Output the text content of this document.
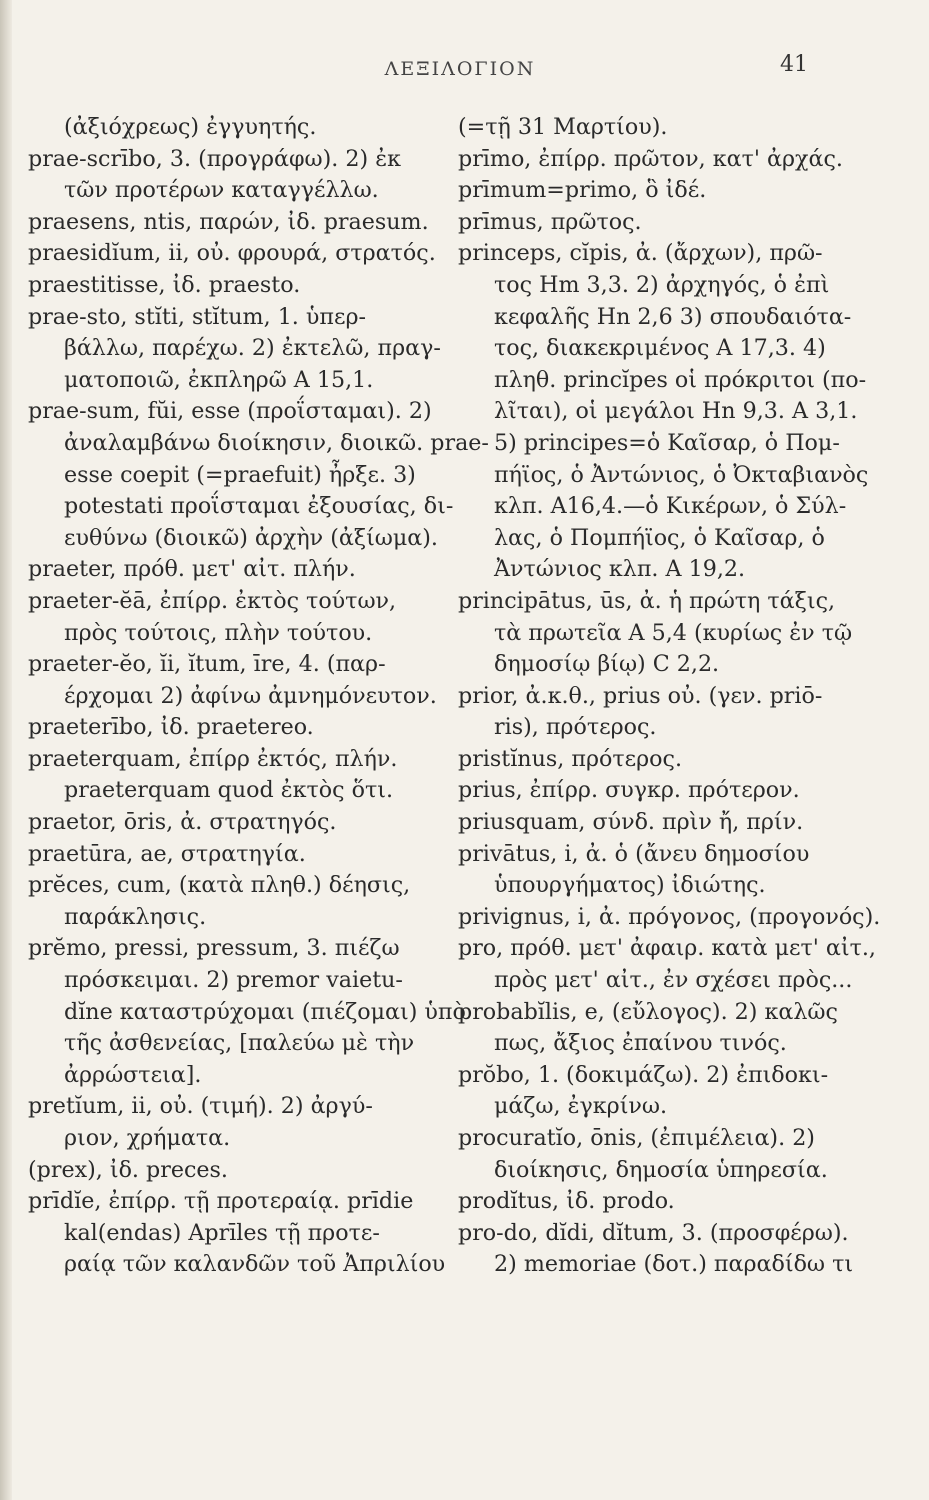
ΛΕΞΙΛΟΓΙΟΝ	41
(ἀξιόχρεως) ἐγγυητής.
prae-scrībo, 3. (προγράφω). 2) ἐκ
τῶν προτέρων καταγγέλλω.
praesens, ntis, παρών, ἰδ. praesum.
praesidĭum, ii, οὐ. φρουρά, στρατός.
praestitisse, ἰδ. praesto.
prae-sto, stĭti, stĭtum, 1. ὑπερ-
βάλλω, παρέχω. 2) ἐκτελῶ, πραγ-
ματοποιῶ, ἐκπληρῶ A 15,1.
prae-sum, fŭi, esse (προΐσταμαι). 2)
ἀναλαμβάνω διοίκησιν, διοικῶ. prae-
esse coepit (=praefuit) ἦρξε. 3)
potestati προΐσταμαι ἐξουσίας, δι-
ευθύνω (διοικῶ) ἀρχὴν (ἀξίωμα).
praeter, πρόθ. μετ' αἰτ. πλήν.
praeter-ĕā, ἐπίρρ. ἐκτὸς τούτων,
πρὸς τούτοις, πλὴν τούτου.
praeter-ĕo, ĭi, ĭtum, īre, 4. (παρ-
έρχομαι 2) ἀφίνω ἀμνημόνευτον.
praeterībo, ἰδ. praetereo.
praeterquam, ἐπίρρ ἐκτός, πλήν.
praeterquam quod ἐκτὸς ὅτι.
praetor, ōris, ἀ. στρατηγός.
praetūra, ae, στρατηγία.
prĕces, cum, (κατὰ πληθ.) δέησις,
παράκλησις.
prĕmo, pressi, pressum, 3. πιέζω
πρόσκειμαι. 2) premor vaietu-
dĭne καταστρύχομαι (πιέζομαι) ὑπὸ
τῆς ἀσθενείας, [παλεύω μὲ τὴν
ἀρρώστεια].
pretĭum, ii, οὐ. (τιμή). 2) ἀργύ-
ριον, χρήματα.
(prex), ἰδ. preces.
prīdĭe, ἐπίρρ. τῇ προτεραίᾳ. prīdie
kal(endas) Aprīles τῇ προτε-
ραίᾳ τῶν καλανδῶν τοῦ Ἀπριλίου
(=τῇ 31 Μαρτίου).
prīmo, ἐπίρρ. πρῶτον, κατ' ἀρχάς.
prīmum=primo, ὃ ἰδέ.
prīmus, πρῶτος.
princeps, cĭpis, ἀ. (ἄρχων), πρῶ-
τος Hm 3,3. 2) ἀρχηγός, ὁ ἐπὶ
κεφαλῆς Hn 2,6 3) σπουδαιότα-
τος, διακεκριμένος A 17,3. 4)
πληθ. princĭpes οἱ πρόκριτοι (πο-
λῖται), οἱ μεγάλοι Hn 9,3. A 3,1.
5) principes=ὁ Καῖσαρ, ὁ Πομ-
πήϊος, ὁ Ἀντώνιος, ὁ Ὀκταβιανὸς
κλπ. A16,4.—ὁ Κικέρων, ὁ Σύλ-
λας, ὁ Πομπήϊος, ὁ Καῖσαρ, ὁ
Ἀντώνιος κλπ. A 19,2.
principātus, ūs, ἀ. ἡ πρώτη τάξις,
τὰ πρωτεῖα A 5,4 (κυρίως ἐν τῷ
δημοσίῳ βίῳ) C 2,2.
prior, ἀ.κ.θ., prius οὐ. (γεν. priō-
ris), πρότερος.
pristĭnus, πρότερος.
prius, ἐπίρρ. συγκρ. πρότερον.
priusquam, σύνδ. πρὶν ἤ, πρίν.
privātus, i, ἀ. ὁ (ἄνευ δημοσίου
ὑπουργήματος) ἰδιώτης.
privignus, i, ἀ. πρόγονος, (προγονός).
pro, πρόθ. μετ' ἀφαιρ. κατὰ μετ' αἰτ.,
πρὸς μετ' αἰτ., ἐν σχέσει πρὸς...
probabĭlis, e, (εὔλογος). 2) καλῶς
πως, ἄξιος ἐπαίνου τινός.
prŏbo, 1. (δοκιμάζω). 2) ἐπιδοκι-
μάζω, ἐγκρίνω.
procuratĭo, ōnis, (ἐπιμέλεια). 2)
διοίκησις, δημοσία ὑπηρεσία.
prodĭtus, ἰδ. prodo.
pro-do, dĭdi, dĭtum, 3. (προσφέρω).
2) memoriae (δοτ.) παραδίδω τι
